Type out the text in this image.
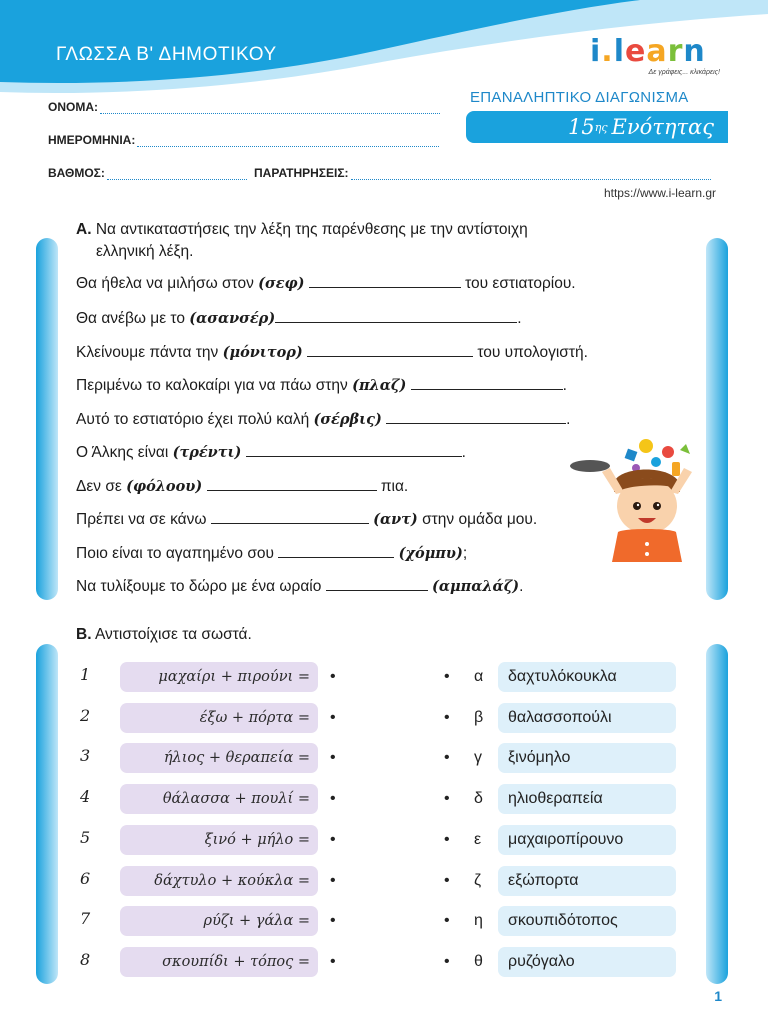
ΓΛΩΣΣΑ Β' ΔΗΜΟΤΙΚΟΥ	i.learn
Δε γράφεις... κλικάρεις!
ΕΠΑΝΑΛΗΠΤΙΚΟ ΔΙΑΓΩΝΙΣΜΑ
15 ης Ενότητας
ΟΝΟΜΑ:
ΗΜΕΡΟΜΗΝΙΑ:
ΒΑΘΜΟΣ:	ΠΑΡΑΤΗΡΗΣΕΙΣ:
https://www.i-learn.gr
Α. Να αντικαταστήσεις την λέξη της παρένθεσης με την αντίστοιχη
ελληνική λέξη.
Θα ήθελα να μιλήσω στον (σεφ)	του εστιατορίου.
Θα ανέβω με το (ασανσέρ)	.
Κλείνουμε πάντα την (μόνιτορ)	του υπολογιστή.
Περιμένω το καλοκαίρι για να πάω στην (πλαζ)	.
Αυτό το εστιατόριο έχει πολύ καλή (σέρβις)	.
Ο Άλκης είναι (τρέντι)	.
Δεν σε (φόλοου)	πια.
Πρέπει να σε κάνω	(αντ) στην ομάδα μου.
Ποιο είναι το αγαπημένο σου	(χόμπυ);
Να τυλίξουμε το δώρο με ένα ωραίο	(αμπαλάζ).
Β. Αντιστοίχισε τα σωστά.
1	μαχαίρι + πιρούνι =	•	• α	δαχτυλόκουκλα
2	έξω + πόρτα =	•	• β	θαλασσοπούλι
3	ήλιος + θεραπεία =	•	• γ	ξινόμηλο
4	θάλασσα + πουλί =	•	• δ	ηλιοθεραπεία
5	ξινό + μήλο =	•	• ε	μαχαιροπίρουνο
6	δάχτυλο + κούκλα =	•	• ζ	εξώπορτα
7	ρύζι + γάλα =	•	• η	σκουπιδότοπος
8	σκουπίδι + τόπος =	•	• θ	ρυζόγαλο
1
